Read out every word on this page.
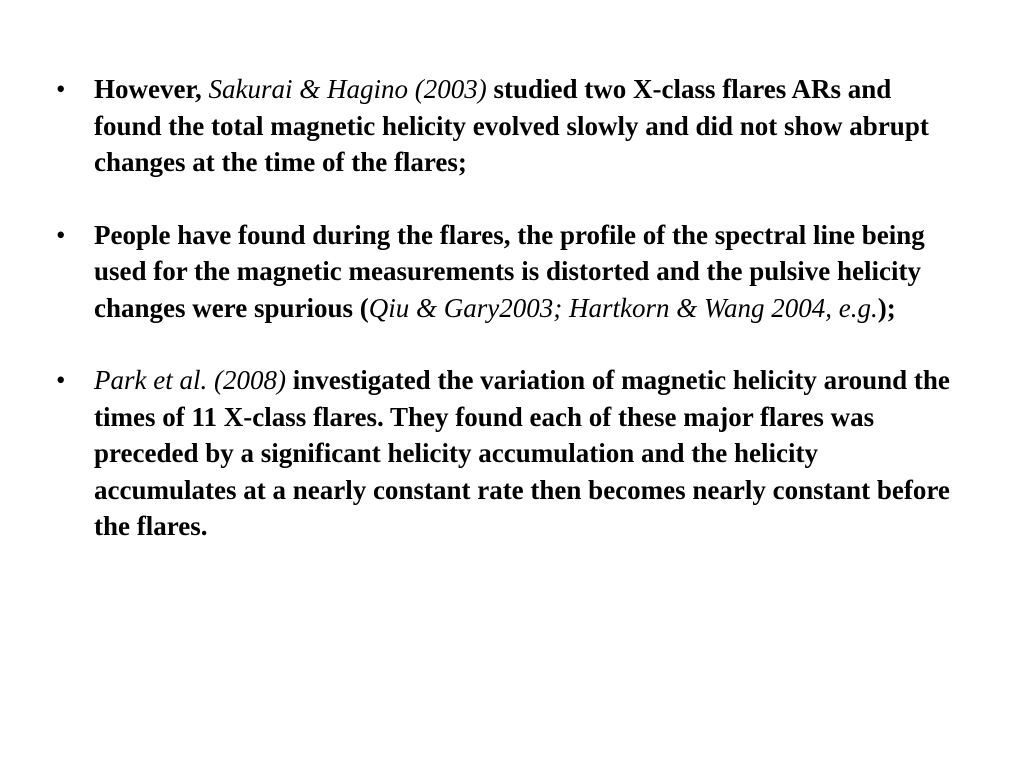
• However, Sakurai & Hagino (2003) studied two X-class flares ARs and found the total magnetic helicity evolved slowly and did not show abrupt changes at the time of the flares;
• People have found during the flares, the profile of the spectral line being used for the magnetic measurements is distorted and the pulsive helicity changes were spurious (Qiu & Gary2003; Hartkorn & Wang 2004, e.g.);
• Park et al. (2008) investigated the variation of magnetic helicity around the times of 11 X-class flares. They found each of these major flares was preceded by a significant helicity accumulation and the helicity accumulates at a nearly constant rate then becomes nearly constant before the flares.
